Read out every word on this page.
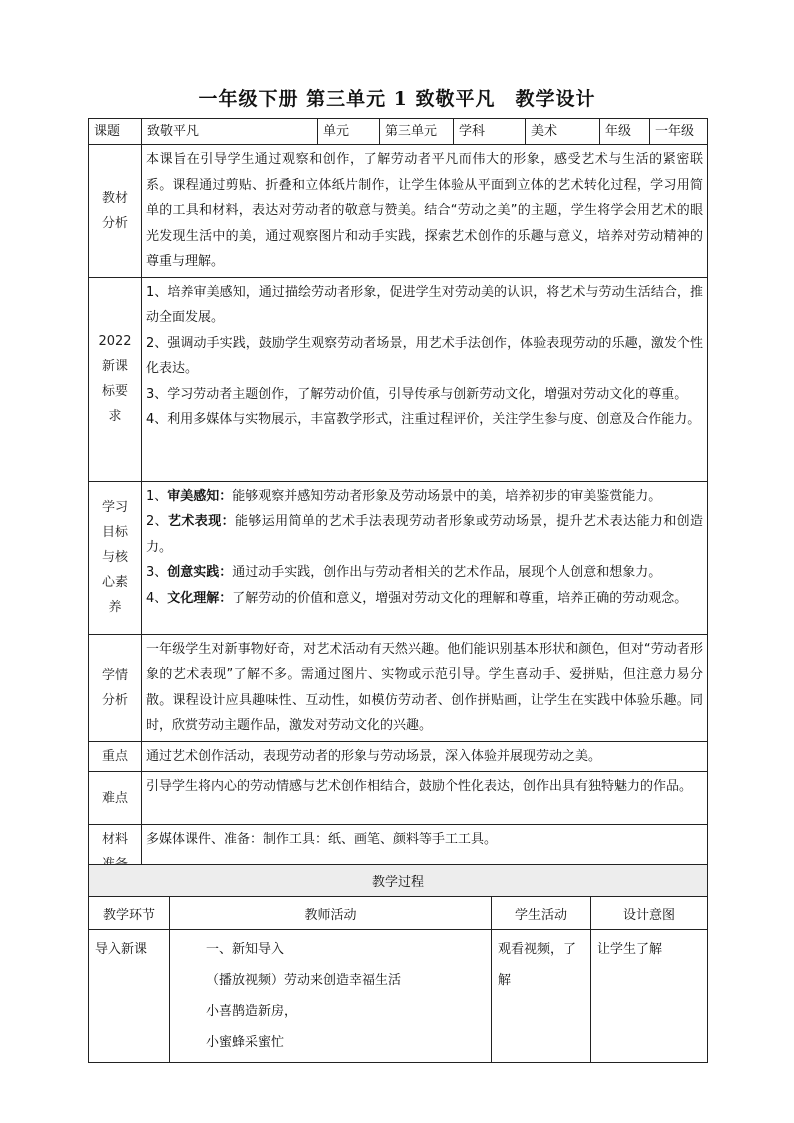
一年级下册 第三单元 1 致敬平凡　教学设计
课题	致敬平凡	单元	第三单元	学科	美术	年级	一年级

教材
分析	本课旨在引导学生通过观察和创作，了解劳动者平凡而伟大的形象，感受艺术与生活的紧密联系。课程通过剪贴、折叠和立体纸片制作，让学生体验从平面到立体的艺术转化过程，学习用简单的工具和材料，表达对劳动者的敬意与赞美。结合“劳动之美”的主题，学生将学会用艺术的眼光发现生活中的美，通过观察图片和动手实践，探索艺术创作的乐趣与意义，培养对劳动精神的尊重与理解。						

2022
新课
标要
求	1、培养审美感知，通过描绘劳动者形象，促进学生对劳动美的认识，将艺术与劳动生活结合，推动全面发展。
2、强调动手实践，鼓励学生观察劳动者场景，用艺术手法创作，体验表现劳动的乐趣，激发个性化表达。
3、学习劳动者主题创作，了解劳动价值，引导传承与创新劳动文化，增强对劳动文化的尊重。
4、利用多媒体与实物展示，丰富教学形式，注重过程评价，关注学生参与度、创意及合作能力。						

学习
目标
与核
心素
养	1、审美感知：能够观察并感知劳动者形象及劳动场景中的美，培养初步的审美鉴赏能力。
2、艺术表现：能够运用简单的艺术手法表现劳动者形象或劳动场景，提升艺术表达能力和创造力。
3、创意实践：通过动手实践，创作出与劳动者相关的艺术作品，展现个人创意和想象力。
4、文化理解：了解劳动的价值和意义，增强对劳动文化的理解和尊重，培养正确的劳动观念。						

学情
分析	一年级学生对新事物好奇，对艺术活动有天然兴趣。他们能识别基本形状和颜色，但对“劳动者形象的艺术表现”了解不多。需通过图片、实物或示范引导。学生喜动手、爱拼贴，但注意力易分散。课程设计应具趣味性、互动性，如模仿劳动者、创作拼贴画，让学生在实践中体验乐趣。同时，欣赏劳动主题作品，激发对劳动文化的兴趣。						
重点	通过艺术创作活动，表现劳动者的形象与劳动场景，深入体验并展现劳动之美。						
难点	引导学生将内心的劳动情感与艺术创作相结合，鼓励个性化表达，创作出具有独特魅力的作品。						

材料	多媒体课件、准备：制作工具：纸、画笔、颜料等手工工具。						
教学过程			
教学环节	教师活动	学生活动	设计意图
导入新课	一、新知导入
（播放视频）劳动来创造幸福生活
小喜鹊造新房，
小蜜蜂采蜜忙	观看视频，了
解	让学生了解
